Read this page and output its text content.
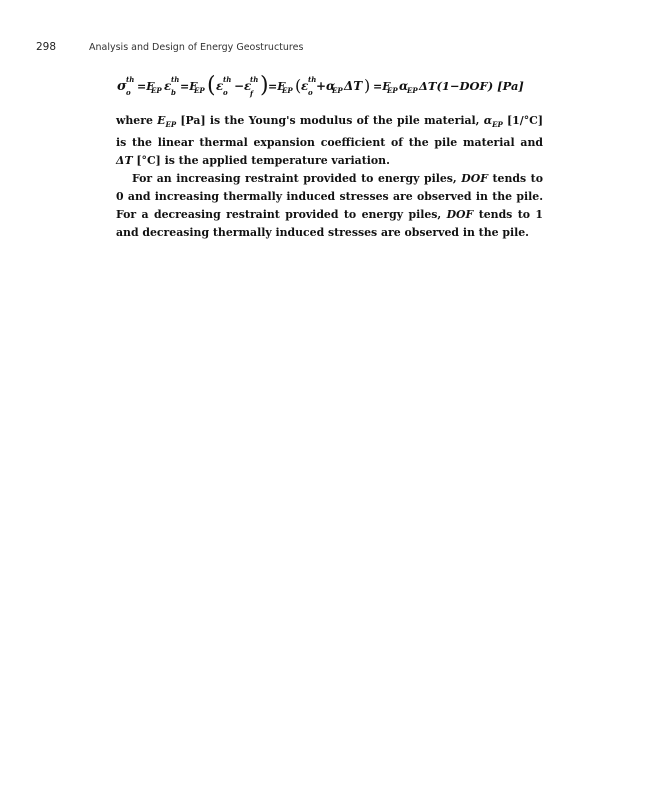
298	Analysis and Design of Energy Geostructures
σ th
o =E
EP ε th
b =E
EP ( ε th
o −ε
th
f ) =E
EP ( ε th
o +α
EP ΔT ) =E
EP α
EP ΔT(1−DOF) [Pa]

where $E_{EP}$ [Pa] is the Young's modulus of the pile material, $\alpha_{EP}$ [1/°C] is the linear thermal expansion coefficient of the pile material and ΔT [°C] is the applied temperature variation.

For an increasing restraint provided to energy piles, DOF tends to 0 and increasing thermally induced stresses are observed in the pile. For a decreasing restraint provided to energy piles, DOF tends to 1 and decreasing thermally induced stresses are observed in the pile.
